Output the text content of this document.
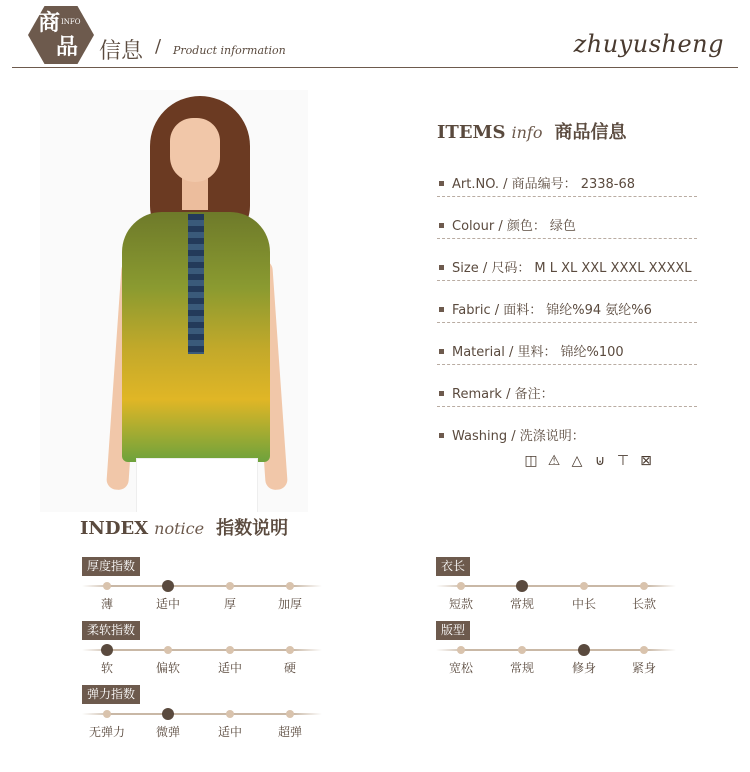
商
品
INFO
信息 / Product information	zhuyusheng
ITEMS info 商品信息
Art.NO. / 商品编号： 2338-68
Colour / 颜色： 绿色
Size / 尺码： M L XL XXL XXXL XXXXL
Fabric / 面料： 锦纶%94 氨纶%6
Material / 里料： 锦纶%100
Remark / 备注：
Washing / 洗涤说明：
◫ ⚠ △ ⊍ ⊤ ⊠
INDEX notice 指数说明
厚度指数
薄	适中	厚	加厚
柔软指数
软	偏软	适中	硬
弹力指数
无弹力	微弹	适中	超弹
衣长
短款	常规	中长	长款
版型
宽松	常规	修身	紧身
